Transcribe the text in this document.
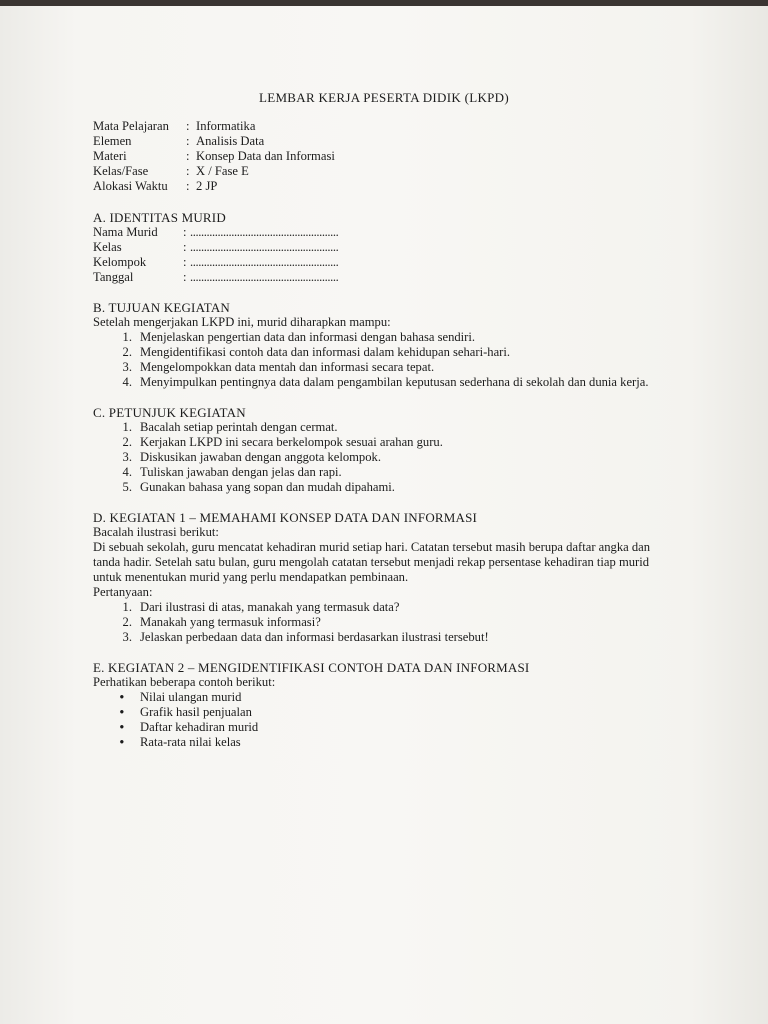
LEMBAR KERJA PESERTA DIDIK (LKPD)
Mata Pelajaran	: Informatika
Elemen	: Analisis Data
Materi	: Konsep Data dan Informasi
Kelas/Fase	: X / Fase E
Alokasi Waktu	: 2 JP
A. IDENTITAS MURID
Nama Murid	: ......................................................
Kelas	: ......................................................
Kelompok	: ......................................................
Tanggal	: ......................................................
B. TUJUAN KEGIATAN
Setelah mengerjakan LKPD ini, murid diharapkan mampu:
1. Menjelaskan pengertian data dan informasi dengan bahasa sendiri.
2. Mengidentifikasi contoh data dan informasi dalam kehidupan sehari-hari.
3. Mengelompokkan data mentah dan informasi secara tepat.
4. Menyimpulkan pentingnya data dalam pengambilan keputusan sederhana di sekolah dan dunia kerja.
C. PETUNJUK KEGIATAN
1. Bacalah setiap perintah dengan cermat.
2. Kerjakan LKPD ini secara berkelompok sesuai arahan guru.
3. Diskusikan jawaban dengan anggota kelompok.
4. Tuliskan jawaban dengan jelas dan rapi.
5. Gunakan bahasa yang sopan dan mudah dipahami.
D. KEGIATAN 1 – MEMAHAMI KONSEP DATA DAN INFORMASI
Bacalah ilustrasi berikut:
Di sebuah sekolah, guru mencatat kehadiran murid setiap hari. Catatan tersebut masih berupa daftar angka dan tanda hadir. Setelah satu bulan, guru mengolah catatan tersebut menjadi rekap persentase kehadiran tiap murid untuk menentukan murid yang perlu mendapatkan pembinaan.
Pertanyaan:
1. Dari ilustrasi di atas, manakah yang termasuk data?
2. Manakah yang termasuk informasi?
3. Jelaskan perbedaan data dan informasi berdasarkan ilustrasi tersebut!
E. KEGIATAN 2 – MENGIDENTIFIKASI CONTOH DATA DAN INFORMASI
Perhatikan beberapa contoh berikut:
•	Nilai ulangan murid
•	Grafik hasil penjualan
•	Daftar kehadiran murid
•	Rata-rata nilai kelas
